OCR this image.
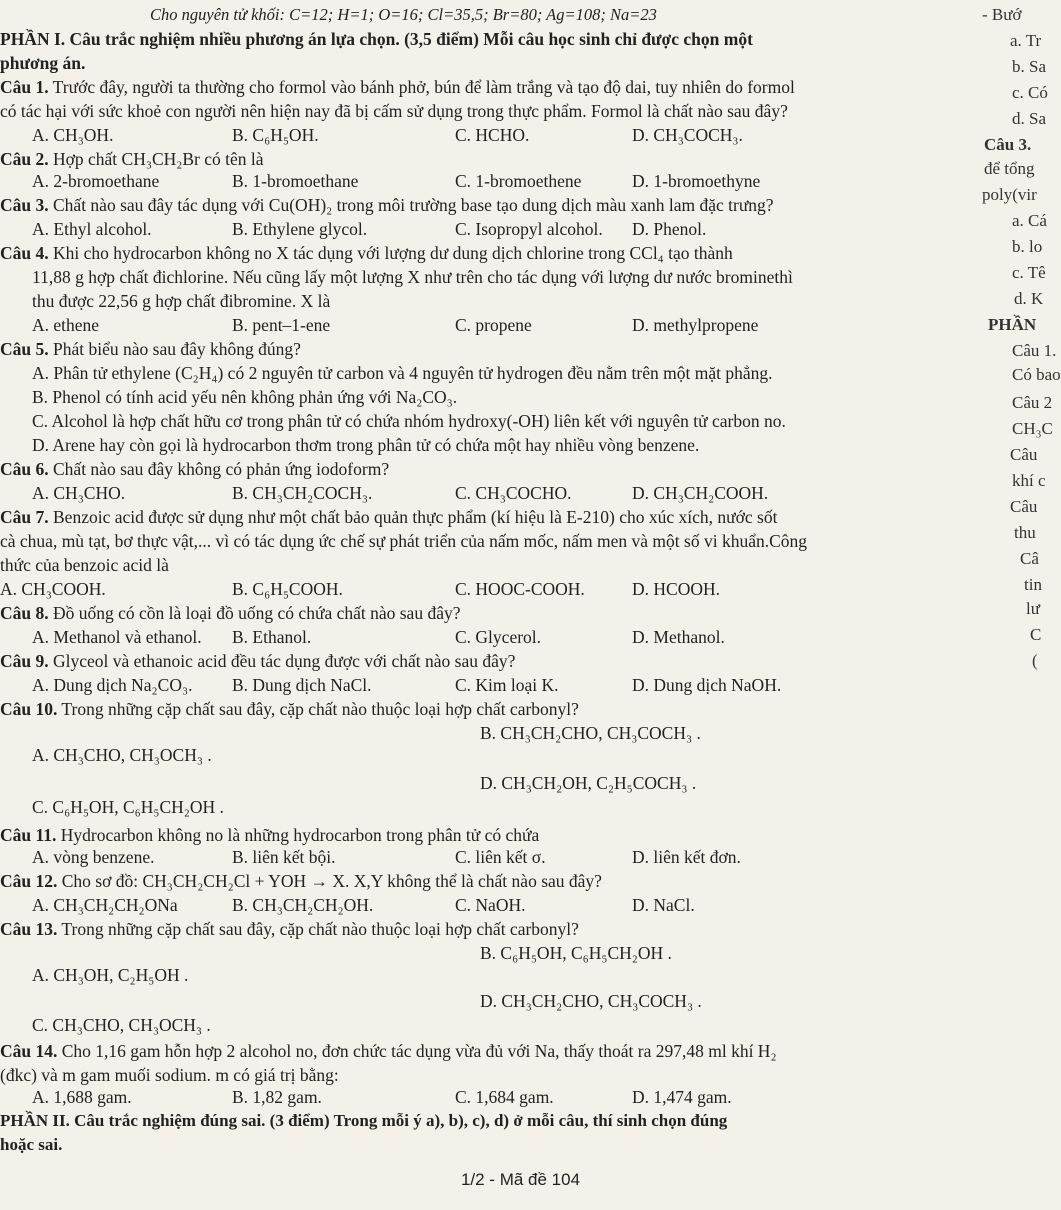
Cho nguyên tử khối: C=12; H=1; O=16; Cl=35,5; Br=80; Ag=108; Na=23
PHẦN I. Câu trắc nghiệm nhiều phương án lựa chọn. (3,5 điểm) Mỗi câu học sinh chỉ được chọn một
phương án.
Câu 1. Trước đây, người ta thường cho formol vào bánh phở, bún để làm trắng và tạo độ dai, tuy nhiên do formol
có tác hại với sức khoẻ con người nên hiện nay đã bị cấm sử dụng trong thực phẩm. Formol là chất nào sau đây?
A. CH₃OH.	B. C₆H₅OH.	C. HCHO.	D. CH₃COCH₃.
Câu 2. Hợp chất CH₃CH₂Br có tên là
A. 2-bromoethane	B. 1-bromoethane	C. 1-bromoethene	D. 1-bromoethyne
Câu 3. Chất nào sau đây tác dụng với Cu(OH)₂ trong môi trường base tạo dung dịch màu xanh lam đặc trưng?
A. Ethyl alcohol.	B. Ethylene glycol.	C. Isopropyl alcohol. D. Phenol.
Câu 4. Khi cho hydrocarbon không no X tác dụng với lượng dư dung dịch chlorine trong CCl₄ tạo thành
11,88 g hợp chất đichlorine. Nếu cũng lấy một lượng X như trên cho tác dụng với lượng dư nước brominethì
thu được 22,56 g hợp chất đibromine. X là
A. ethene	B. pent–1-ene	C. propene	D. methylpropene
Câu 5. Phát biểu nào sau đây không đúng?
A. Phân tử ethylene (C₂H₄) có 2 nguyên tử carbon và 4 nguyên tử hydrogen đều nằm trên một mặt phẳng.
B. Phenol có tính acid yếu nên không phản ứng với Na₂CO₃.
C. Alcohol là hợp chất hữu cơ trong phân tử có chứa nhóm hydroxy(-OH) liên kết với nguyên tử carbon no.
D. Arene hay còn gọi là hydrocarbon thơm trong phân tử có chứa một hay nhiều vòng benzene.
Câu 6. Chất nào sau đây không có phản ứng iodoform?
A. CH₃CHO.	B. CH₃CH₂COCH₃.	C. CH₃COCHO.	D. CH₃CH₂COOH.
Câu 7. Benzoic acid được sử dụng như một chất bảo quản thực phẩm (kí hiệu là E-210) cho xúc xích, nước sốt
cà chua, mù tạt, bơ thực vật,... vì có tác dụng ức chế sự phát triển của nấm mốc, nấm men và một số vi khuẩn.Công
thức của benzoic acid là
A. CH₃COOH.	B. C₆H₅COOH.	C. HOOC-COOH.	D. HCOOH.
Câu 8. Đồ uống có cồn là loại đồ uống có chứa chất nào sau đây?
A. Methanol và ethanol. B. Ethanol.	C. Glycerol.	D. Methanol.
Câu 9. Glyceol và ethanoic acid đều tác dụng được với chất nào sau đây?
A. Dung dịch Na₂CO₃. B. Dung dịch NaCl.	C. Kim loại K.	D. Dung dịch NaOH.
Câu 10. Trong những cặp chất sau đây, cặp chất nào thuộc loại hợp chất carbonyl?
B. CH₃CH₂CHO, CH₃COCH₃ .
A. CH₃CHO, CH₃OCH₃ .
D. CH₃CH₂OH, C₂H₅COCH₃ .
C. C₆H₅OH, C₆H₅CH₂OH .
Câu 11. Hydrocarbon không no là những hydrocarbon trong phân tử có chứa
A. vòng benzene.	B. liên kết bội.	C. liên kết σ.	D. liên kết đơn.
Câu 12. Cho sơ đồ: CH₃CH₂CH₂Cl + YOH → X. X,Y không thể là chất nào sau đây?
A. CH₃CH₂CH₂ONa	B. CH₃CH₂CH₂OH.	C. NaOH.	D. NaCl.
Câu 13. Trong những cặp chất sau đây, cặp chất nào thuộc loại hợp chất carbonyl?
B. C₆H₅OH, C₆H₅CH₂OH .
A. CH₃OH, C₂H₅OH .
D. CH₃CH₂CHO, CH₃COCH₃ .
C. CH₃CHO, CH₃OCH₃ .
Câu 14. Cho 1,16 gam hỗn hợp 2 alcohol no, đơn chức tác dụng vừa đủ với Na, thấy thoát ra 297,48 ml khí H₂
(đkc) và m gam muối sodium. m có giá trị bằng:
A. 1,688 gam.	B. 1,82 gam.	C. 1,684 gam.	D. 1,474 gam.
PHẦN II. Câu trắc nghiệm đúng sai. (3 điểm) Trong mỗi ý a), b), c), d) ở mỗi câu, thí sinh chọn đúng
hoặc sai.
1/2 - Mã đề 104
- Bướ
a. Tr
b. Sa
c. Có
d. Sa
Câu 3.
để tổng
poly(vir
a. Cá
b. lo
c. Tê
d. K
PHẦN
Câu 1.
Có bao
Câu 2
CH₃C
Câu
khí c
Câu
thu
Câ
tin
lư
C
(
